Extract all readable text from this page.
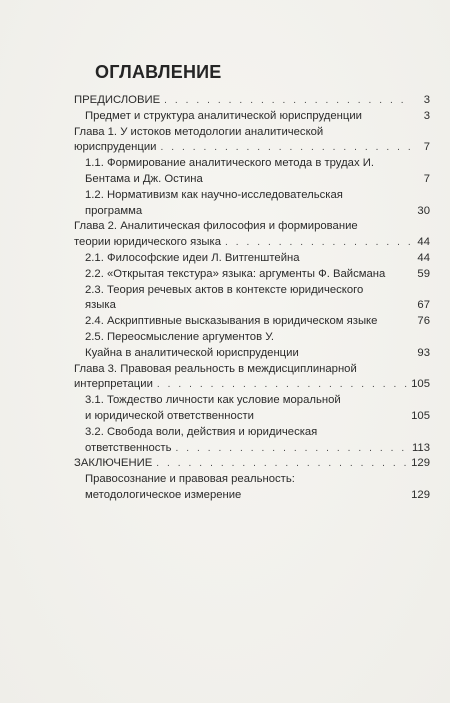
ОГЛАВЛЕНИЕ
ПРЕДИСЛОВИЕ . . .	3
Предмет и структура аналитической юриспруденции	3
Глава 1. У истоков методологии аналитической
юриспруденции . . .	7
1.1. Формирование аналитического метода в трудах И.
Бентама и Дж. Остина	7
1.2. Нормативизм как научно-исследовательская
программа	30
Глава 2. Аналитическая философия и формирование
теории юридического языка . . .	44
2.1. Философские идеи Л. Витгенштейна	44
2.2. «Открытая текстура» языка: аргументы Ф. Вайсмана	59
2.3. Теория речевых актов в контексте юридического
языка	67
2.4. Аскриптивные высказывания в юридическом языке	76
2.5. Переосмысление аргументов У.
Куайна в аналитической юриспруденции	93
Глава 3. Правовая реальность в междисциплинарной
интерпретации . . .	105
3.1. Тождество личности как условие моральной
и юридической ответственности	105
3.2. Свобода воли, действия и юридическая
ответственность . . .	113
ЗАКЛЮЧЕНИЕ . . .	129
Правосознание и правовая реальность:
методологическое измерение	129
